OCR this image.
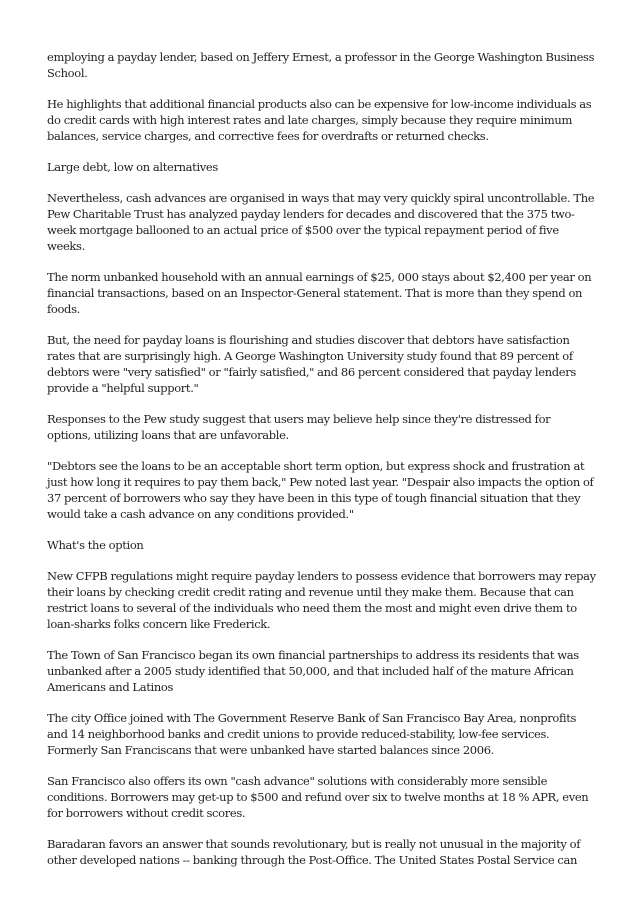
employing a payday lender, based on Jeffery Ernest, a professor in the George Washington Business School.

He highlights that additional financial products also can be expensive for low-income individuals as do credit cards with high interest rates and late charges, simply because they require minimum balances, service charges, and corrective fees for overdrafts or returned checks.

Large debt, low on alternatives

Nevertheless, cash advances are organised in ways that may very quickly spiral uncontrollable. The Pew Charitable Trust has analyzed payday lenders for decades and discovered that the 375 two-week mortgage ballooned to an actual price of $500 over the typical repayment period of five weeks.

The norm unbanked household with an annual earnings of $25, 000 stays about $2,400 per year on financial transactions, based on an Inspector-General statement. That is more than they spend on foods.

But, the need for payday loans is flourishing and studies discover that debtors have satisfaction rates that are surprisingly high. A George Washington University study found that 89 percent of debtors were "very satisfied" or "fairly satisfied," and 86 percent considered that payday lenders provide a "helpful support."

Responses to the Pew study suggest that users may believe help since they're distressed for options, utilizing loans that are unfavorable.

"Debtors see the loans to be an acceptable short term option, but express shock and frustration at just how long it requires to pay them back," Pew noted last year. "Despair also impacts the option of 37 percent of borrowers who say they have been in this type of tough financial situation that they would take a cash advance on any conditions provided."

What's the option

New CFPB regulations might require payday lenders to possess evidence that borrowers may repay their loans by checking credit credit rating and revenue until they make them. Because that can restrict loans to several of the individuals who need them the most and might even drive them to loan-sharks folks concern like Frederick.

The Town of San Francisco began its own financial partnerships to address its residents that was unbanked after a 2005 study identified that 50,000, and that included half of the mature African Americans and Latinos

The city Office joined with The Government Reserve Bank of San Francisco Bay Area, nonprofits and 14 neighborhood banks and credit unions to provide reduced-stability, low-fee services. Formerly San Franciscans that were unbanked have started balances since 2006.

San Francisco also offers its own "cash advance" solutions with considerably more sensible conditions. Borrowers may get-up to $500 and refund over six to twelve months at 18 % APR, even for borrowers without credit scores.

Baradaran favors an answer that sounds revolutionary, but is really not unusual in the majority of other developed nations -- banking through the Post-Office. The United States Postal Service can
